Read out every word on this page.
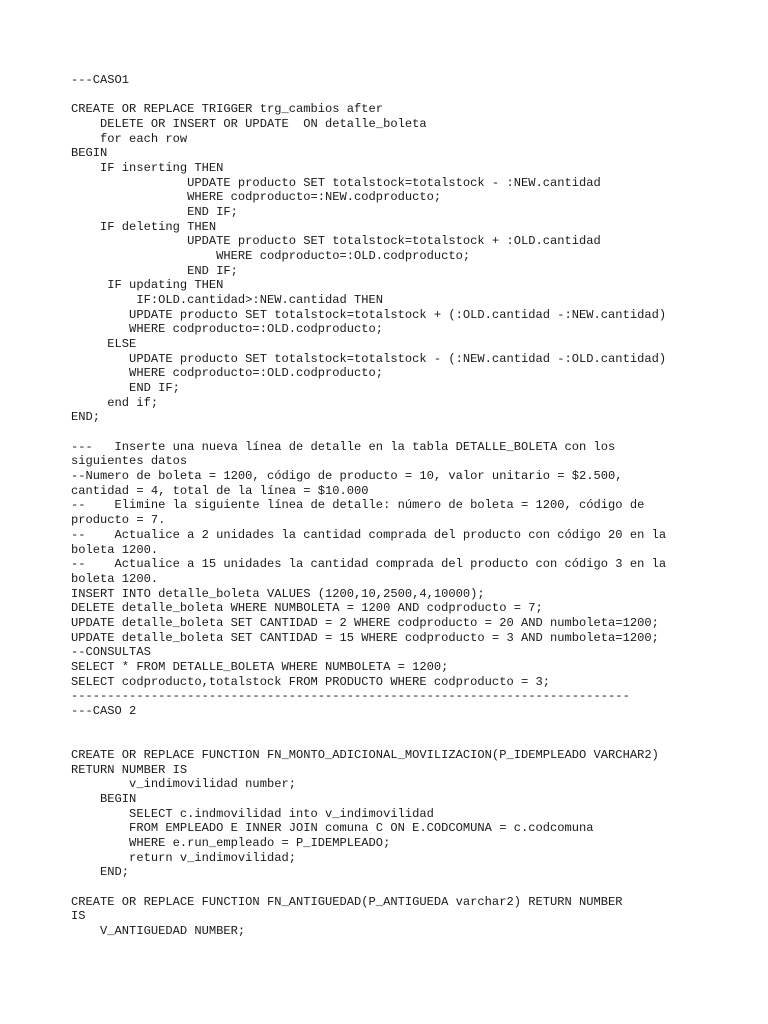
---CASO1
CREATE OR REPLACE TRIGGER trg_cambios after
DELETE OR INSERT OR UPDATE  ON detalle_boleta
for each row
BEGIN
IF inserting THEN
UPDATE producto SET totalstock=totalstock - :NEW.cantidad
WHERE codproducto=:NEW.codproducto;
END IF;
IF deleting THEN
UPDATE producto SET totalstock=totalstock + :OLD.cantidad
WHERE codproducto=:OLD.codproducto;
END IF;
IF updating THEN
IF:OLD.cantidad>:NEW.cantidad THEN
UPDATE producto SET totalstock=totalstock + (:OLD.cantidad -:NEW.cantidad)
WHERE codproducto=:OLD.codproducto;
ELSE
UPDATE producto SET totalstock=totalstock - (:NEW.cantidad -:OLD.cantidad)
WHERE codproducto=:OLD.codproducto;
END IF;
end if;
END;
---   Inserte una nueva línea de detalle en la tabla DETALLE_BOLETA con los
siguientes datos
--Numero de boleta = 1200, código de producto = 10, valor unitario = $2.500,
cantidad = 4, total de la línea = $10.000
--    Elimine la siguiente línea de detalle: número de boleta = 1200, código de
producto = 7.
--    Actualice a 2 unidades la cantidad comprada del producto con código 20 en la
boleta 1200.
--    Actualice a 15 unidades la cantidad comprada del producto con código 3 en la
boleta 1200.
INSERT INTO detalle_boleta VALUES (1200,10,2500,4,10000);
DELETE detalle_boleta WHERE NUMBOLETA = 1200 AND codproducto = 7;
UPDATE detalle_boleta SET CANTIDAD = 2 WHERE codproducto = 20 AND numboleta=1200;
UPDATE detalle_boleta SET CANTIDAD = 15 WHERE codproducto = 3 AND numboleta=1200;
--CONSULTAS
SELECT * FROM DETALLE_BOLETA WHERE NUMBOLETA = 1200;
SELECT codproducto,totalstock FROM PRODUCTO WHERE codproducto = 3;
-----------------------------------------------------------------------------
---CASO 2
CREATE OR REPLACE FUNCTION FN_MONTO_ADICIONAL_MOVILIZACION(P_IDEMPLEADO VARCHAR2)
RETURN NUMBER IS
v_indimovilidad number;
BEGIN
SELECT c.indmovilidad into v_indimovilidad
FROM EMPLEADO E INNER JOIN comuna C ON E.CODCOMUNA = c.codcomuna
WHERE e.run_empleado = P_IDEMPLEADO;
return v_indimovilidad;
END;
CREATE OR REPLACE FUNCTION FN_ANTIGUEDAD(P_ANTIGUEDA varchar2) RETURN NUMBER
IS
V_ANTIGUEDAD NUMBER;
